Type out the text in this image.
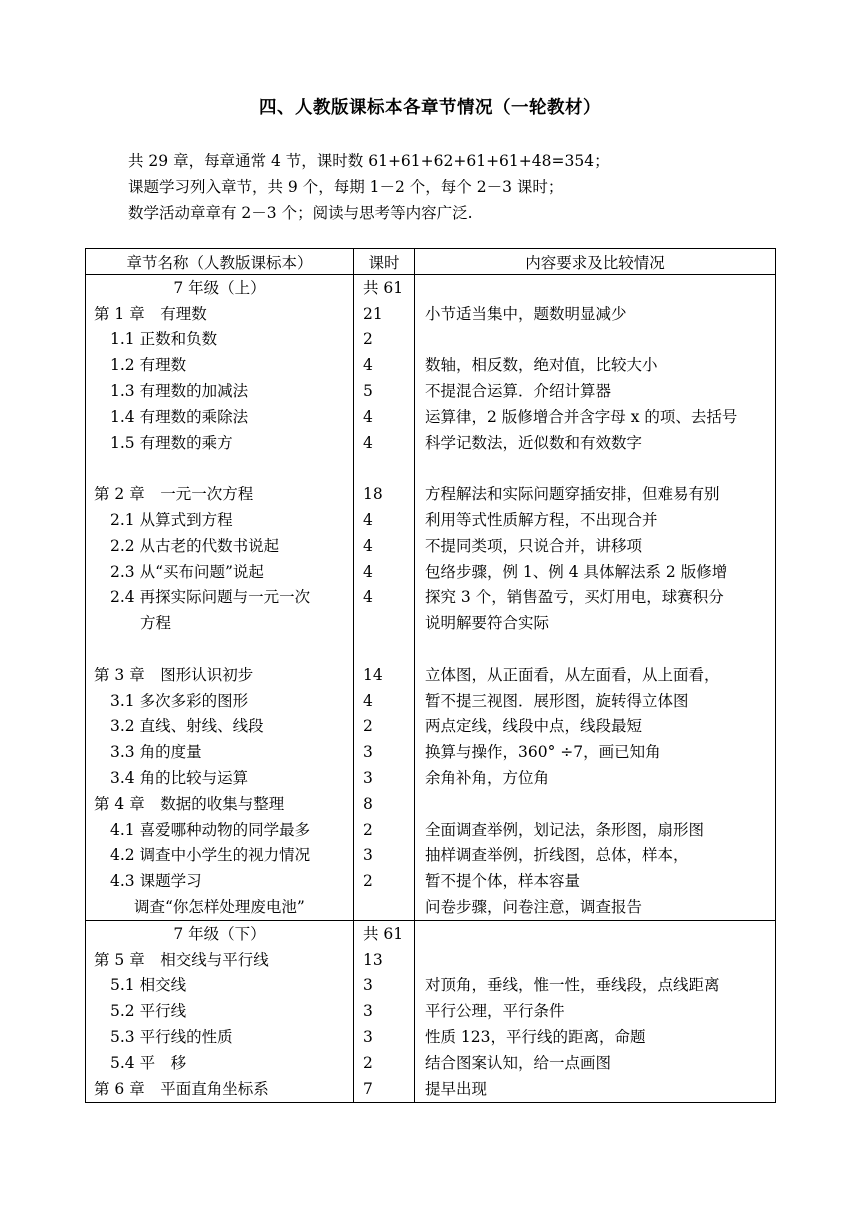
四、人教版课标本各章节情况（一轮教材）
共 29 章，每章通常 4 节，课时数 61+61+62+61+61+48=354；
课题学习列入章节，共 9 个，每期 1－2 个，每个 2－3 课时；
数学活动章章有 2－3 个；阅读与思考等内容广泛.
章节名称（人教版课标本）	课时	内容要求及比较情况
7 年级（上）	共 61	
第 1 章　有理数	21	小节适当集中，题数明显减少
1.1 正数和负数	2	
1.2 有理数	4	数轴，相反数，绝对值，比较大小
1.3 有理数的加减法	5	不提混合运算．介绍计算器
1.4 有理数的乘除法	4	运算律，2 版修增合并含字母 x 的项、去括号
1.5 有理数的乘方	4	科学记数法，近似数和有效数字

第 2 章　一元一次方程	18	方程解法和实际问题穿插安排，但难易有别
2.1 从算式到方程	4	利用等式性质解方程，不出现合并
2.2 从古老的代数书说起	4	不提同类项，只说合并，讲移项
2.3 从“买布问题”说起	4	包络步骤，例 1、例 4 具体解法系 2 版修增
2.4 再探实际问题与一元一次	4	探究 3 个，销售盈亏，买灯用电，球赛积分
方程		说明解要符合实际

第 3 章　图形认识初步	14	立体图，从正面看，从左面看，从上面看，
3.1 多次多彩的图形	4	暂不提三视图．展形图，旋转得立体图
3.2 直线、射线、线段	2	两点定线，线段中点，线段最短
3.3 角的度量	3	换算与操作，360° ÷7，画已知角
3.4 角的比较与运算	3	余角补角，方位角
第 4 章　数据的收集与整理	8	
4.1 喜爱哪种动物的同学最多	2	全面调查举例，划记法，条形图，扇形图
4.2 调查中小学生的视力情况	3	抽样调查举例，折线图，总体，样本，
4.3 课题学习	2	暂不提个体，样本容量
调查“你怎样处理废电池”		问卷步骤，问卷注意，调查报告
7 年级（下）	共 61	
第 5 章　相交线与平行线	13	
5.1 相交线	3	对顶角，垂线，惟一性，垂线段，点线距离
5.2 平行线	3	平行公理，平行条件
5.3 平行线的性质	3	性质 123，平行线的距离，命题
5.4 平　移	2	结合图案认知，给一点画图
第 6 章　平面直角坐标系	7	提早出现
